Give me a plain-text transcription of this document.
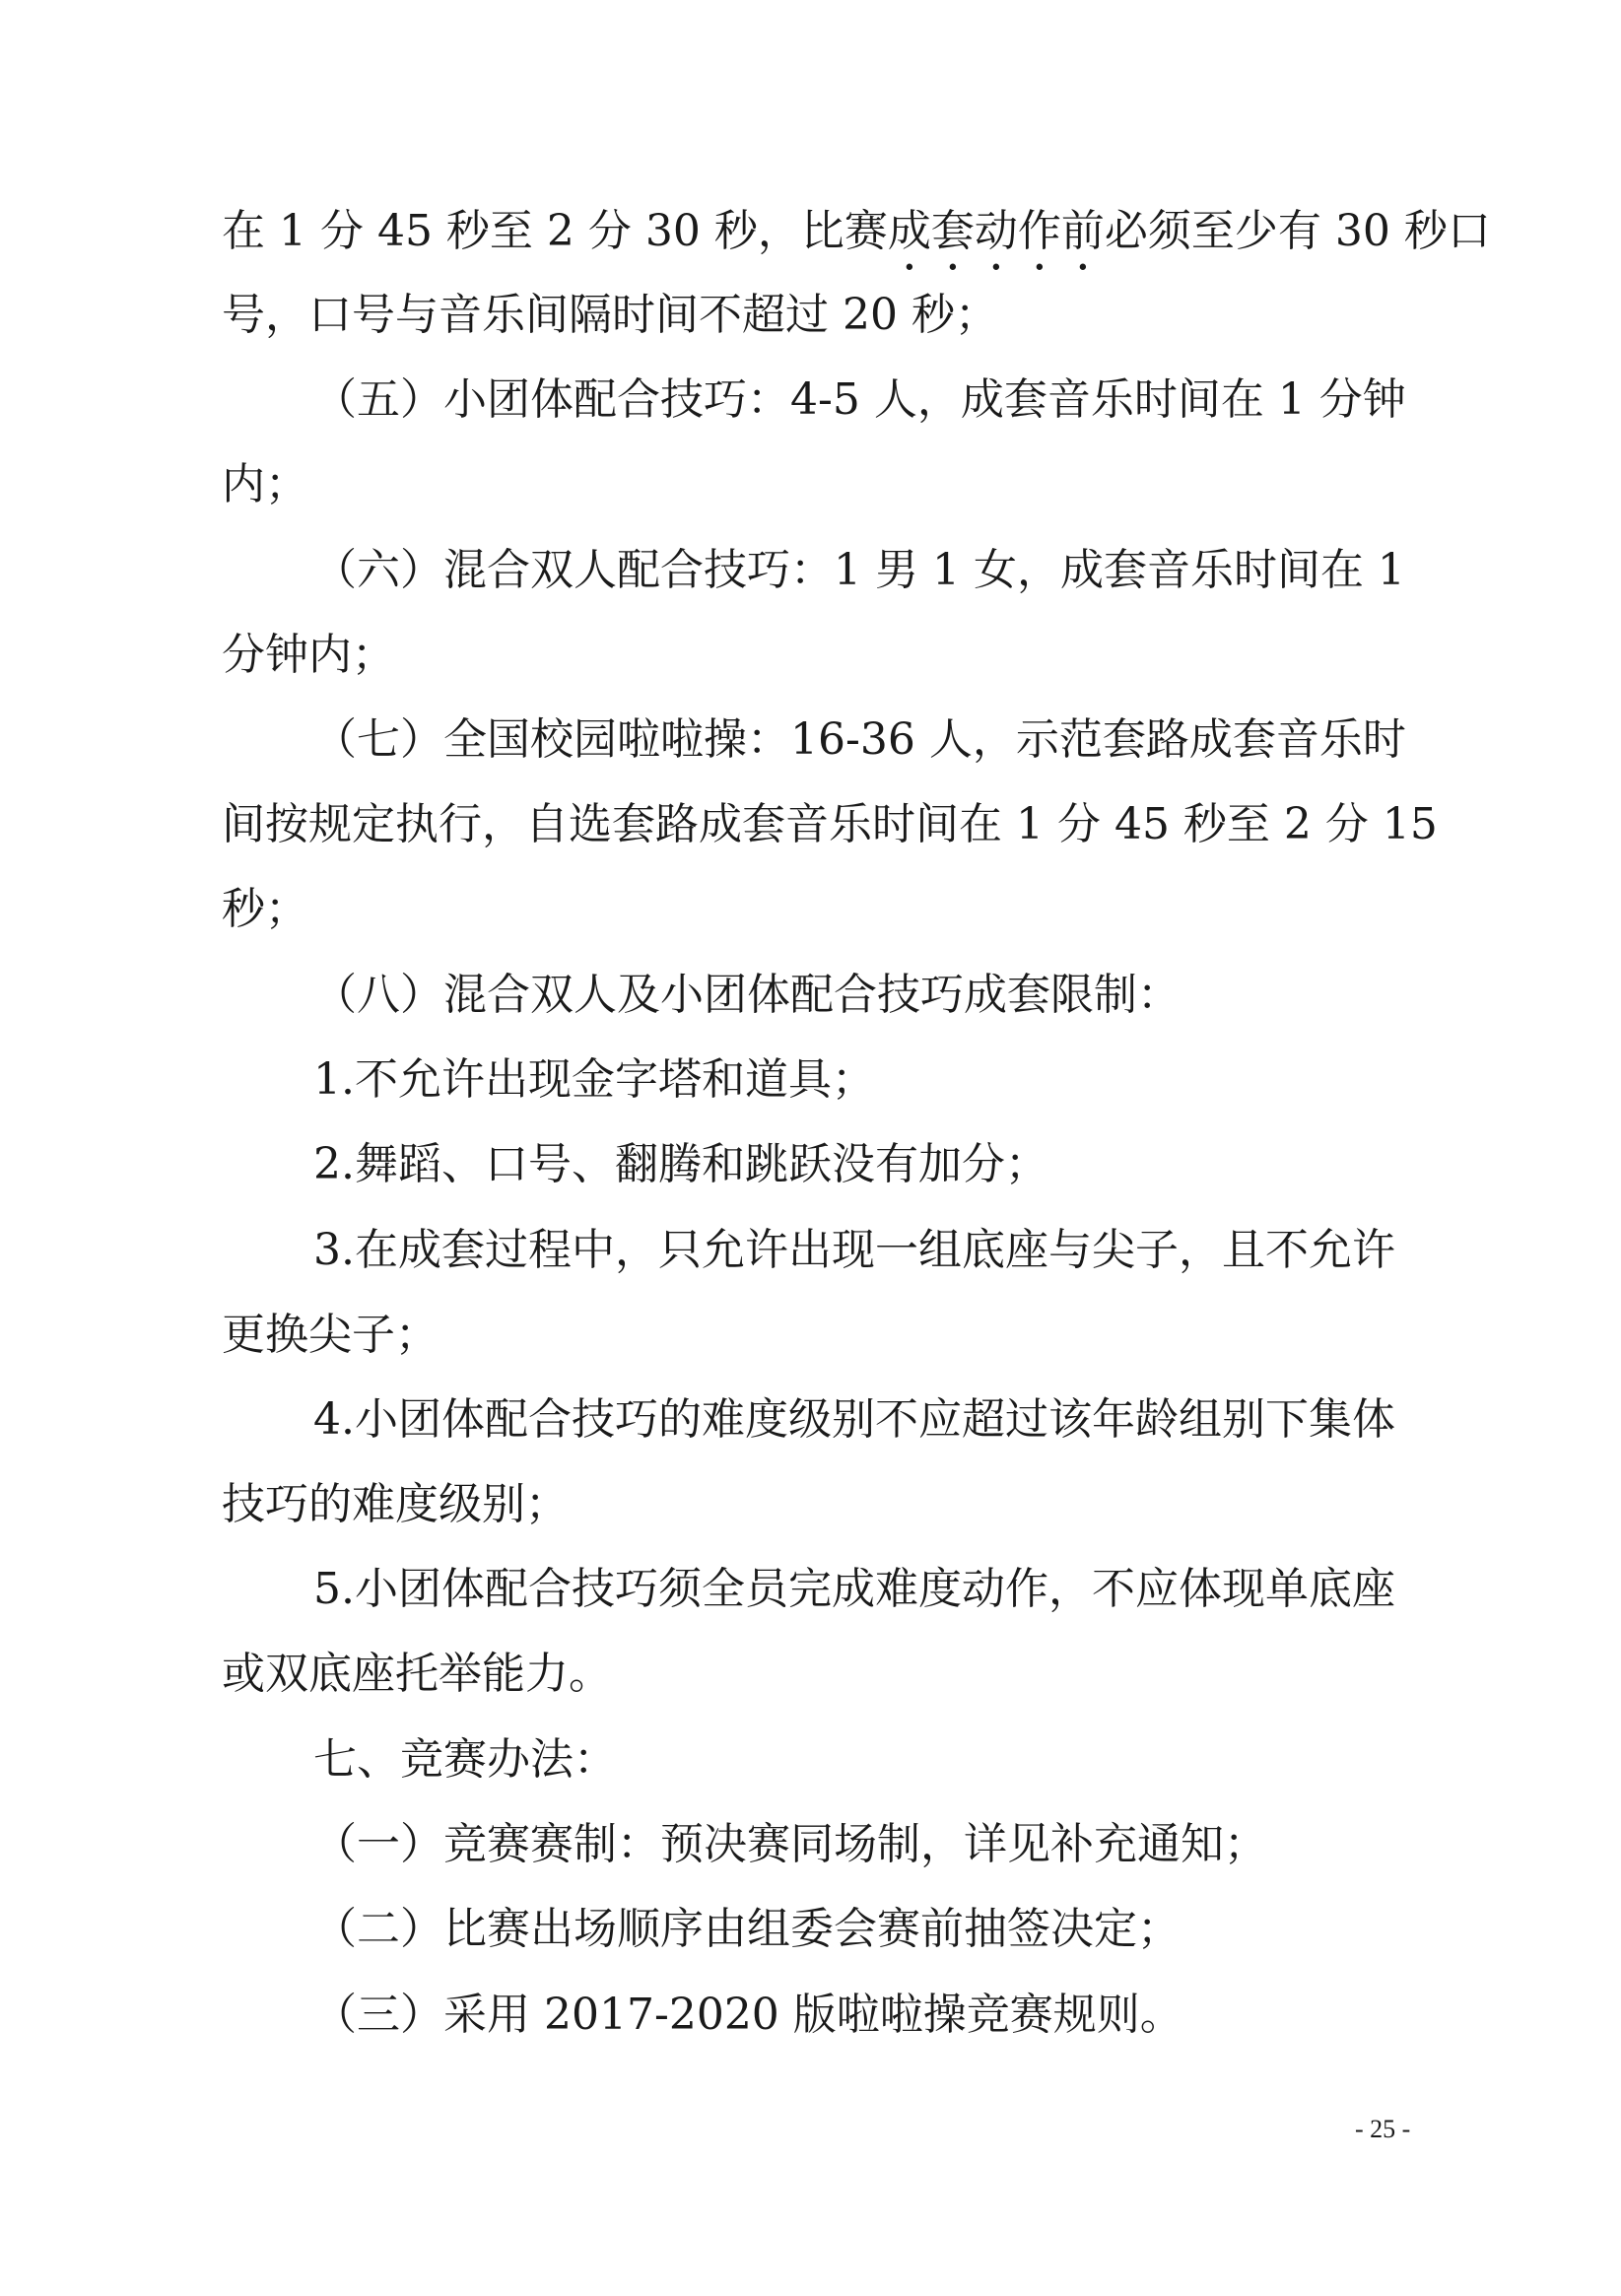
在 1 分 45 秒至 2 分 30 秒，比赛成套动作前必须至少有 30 秒口
号，口号与音乐间隔时间不超过 20 秒；
（五）小团体配合技巧：4-5 人，成套音乐时间在 1 分钟
内；
（六）混合双人配合技巧：1 男 1 女，成套音乐时间在 1
分钟内；
（七）全国校园啦啦操：16-36 人，示范套路成套音乐时
间按规定执行，自选套路成套音乐时间在 1 分 45 秒至 2 分 15
秒；
（八）混合双人及小团体配合技巧成套限制：
1.不允许出现金字塔和道具；
2.舞蹈、口号、翻腾和跳跃没有加分；
3.在成套过程中，只允许出现一组底座与尖子，且不允许
更换尖子；
4.小团体配合技巧的难度级别不应超过该年龄组别下集体
技巧的难度级别；
5.小团体配合技巧须全员完成难度动作，不应体现单底座
或双底座托举能力。
七、竞赛办法：
（一）竞赛赛制：预决赛同场制，详见补充通知；
（二）比赛出场顺序由组委会赛前抽签决定；
（三）采用 2017-2020 版啦啦操竞赛规则。
- 25 -
